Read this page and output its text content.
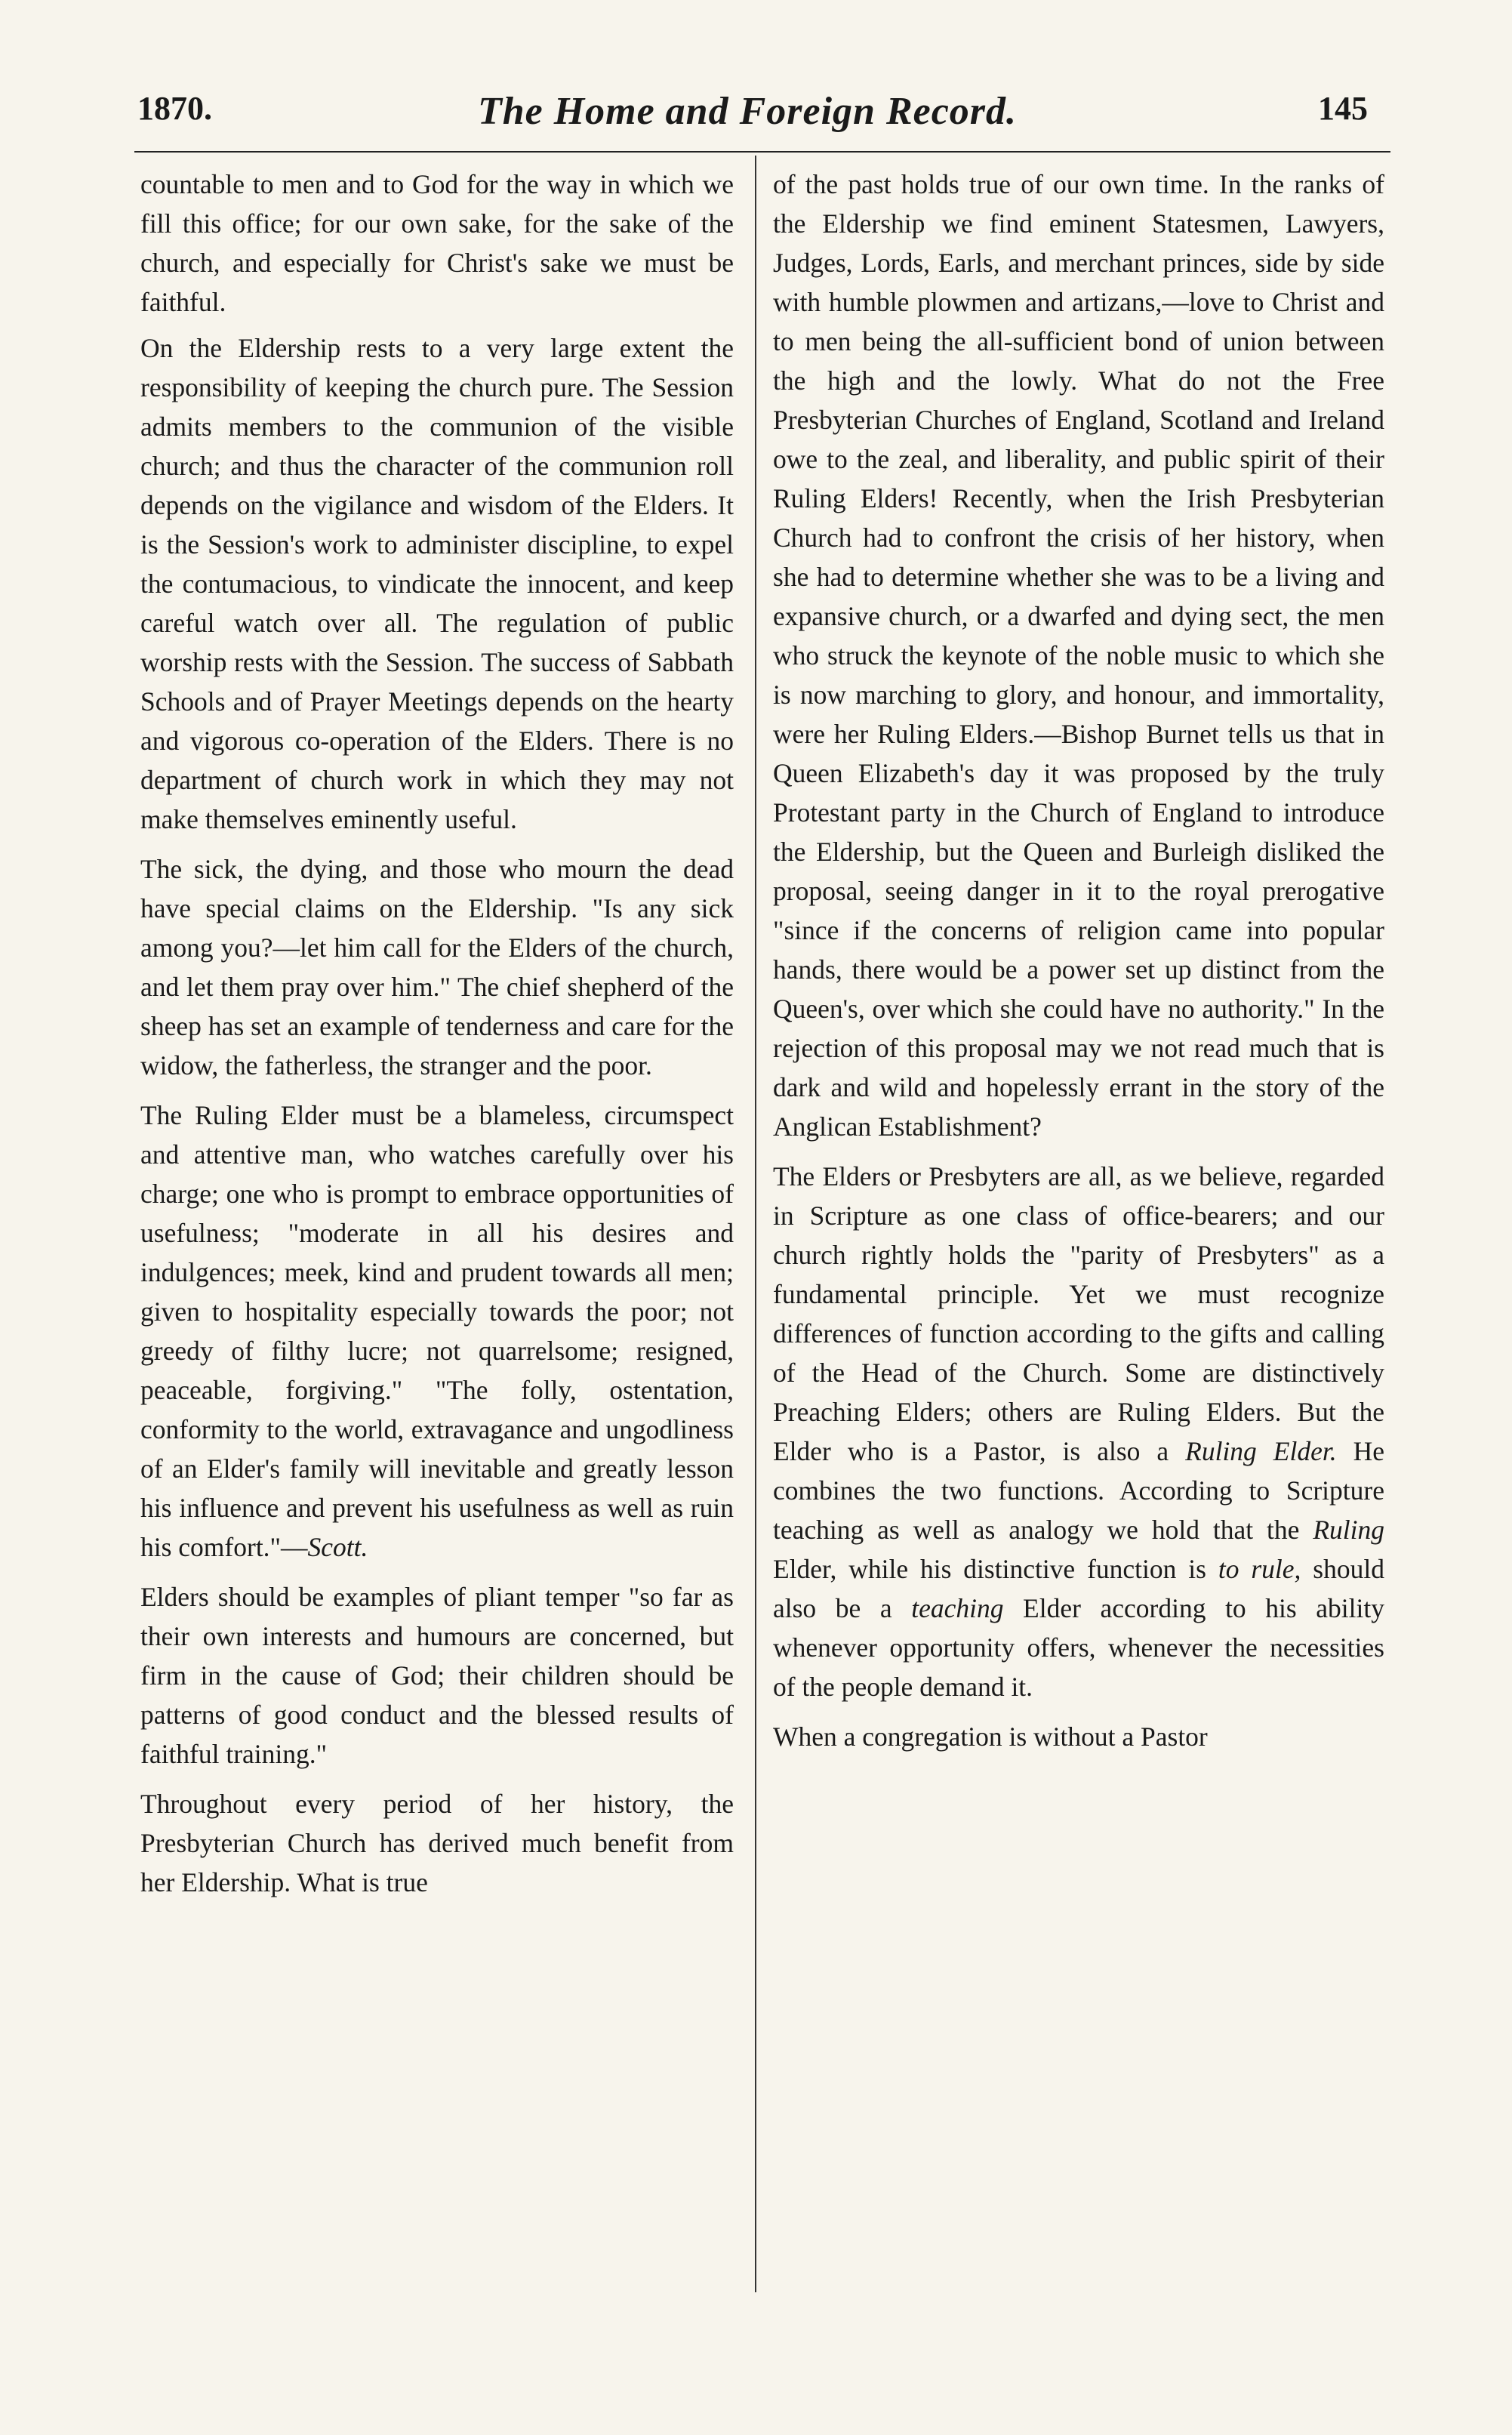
1870.	The Home and Foreign Record.	145

countable to men and to God for the way in which we fill this office; for our own sake, for the sake of the church, and especially for Christ's sake we must be faithful.

On the Eldership rests to a very large extent the responsibility of keeping the church pure. The Session admits members to the communion of the visible church; and thus the character of the communion roll depends on the vigilance and wisdom of the Elders. It is the Session's work to administer discipline, to expel the contumacious, to vindicate the innocent, and keep careful watch over all. The regulation of public worship rests with the Session. The success of Sabbath Schools and of Prayer Meetings depends on the hearty and vigorous co-operation of the Elders. There is no department of church work in which they may not make themselves eminently useful.

The sick, the dying, and those who mourn the dead have special claims on the Eldership. "Is any sick among you?—let him call for the Elders of the church, and let them pray over him." The chief shepherd of the sheep has set an example of tenderness and care for the widow, the fatherless, the stranger and the poor.

The Ruling Elder must be a blameless, circumspect and attentive man, who watches carefully over his charge; one who is prompt to embrace opportunities of usefulness; "moderate in all his desires and indulgences; meek, kind and prudent towards all men; given to hospitality especially towards the poor; not greedy of filthy lucre; not quarrelsome; resigned, peaceable, forgiving." "The folly, ostentation, conformity to the world, extravagance and ungodliness of an Elder's family will inevitable and greatly lesson his influence and prevent his usefulness as well as ruin his comfort."—Scott.

Elders should be examples of pliant temper "so far as their own interests and humours are concerned, but firm in the cause of God; their children should be patterns of good conduct and the blessed results of faithful training."

Throughout every period of her history, the Presbyterian Church has derived much benefit from her Eldership. What is true

of the past holds true of our own time. In the ranks of the Eldership we find eminent Statesmen, Lawyers, Judges, Lords, Earls, and merchant princes, side by side with humble plowmen and artizans,—love to Christ and to men being the all-sufficient bond of union between the high and the lowly. What do not the Free Presbyterian Churches of England, Scotland and Ireland owe to the zeal, and liberality, and public spirit of their Ruling Elders! Recently, when the Irish Presbyterian Church had to confront the crisis of her history, when she had to determine whether she was to be a living and expansive church, or a dwarfed and dying sect, the men who struck the keynote of the noble music to which she is now marching to glory, and honour, and immortality, were her Ruling Elders.—Bishop Burnet tells us that in Queen Elizabeth's day it was proposed by the truly Protestant party in the Church of England to introduce the Eldership, but the Queen and Burleigh disliked the proposal, seeing danger in it to the royal prerogative "since if the concerns of religion came into popular hands, there would be a power set up distinct from the Queen's, over which she could have no authority." In the rejection of this proposal may we not read much that is dark and wild and hopelessly errant in the story of the Anglican Establishment?

The Elders or Presbyters are all, as we believe, regarded in Scripture as one class of office-bearers; and our church rightly holds the "parity of Presbyters" as a fundamental principle. Yet we must recognize differences of function according to the gifts and calling of the Head of the Church. Some are distinctively Preaching Elders; others are Ruling Elders. But the Elder who is a Pastor, is also a Ruling Elder. He combines the two functions. According to Scripture teaching as well as analogy we hold that the Ruling Elder, while his distinctive function is to rule, should also be a teaching Elder according to his ability whenever opportunity offers, whenever the necessities of the people demand it.

When a congregation is without a Pastor
